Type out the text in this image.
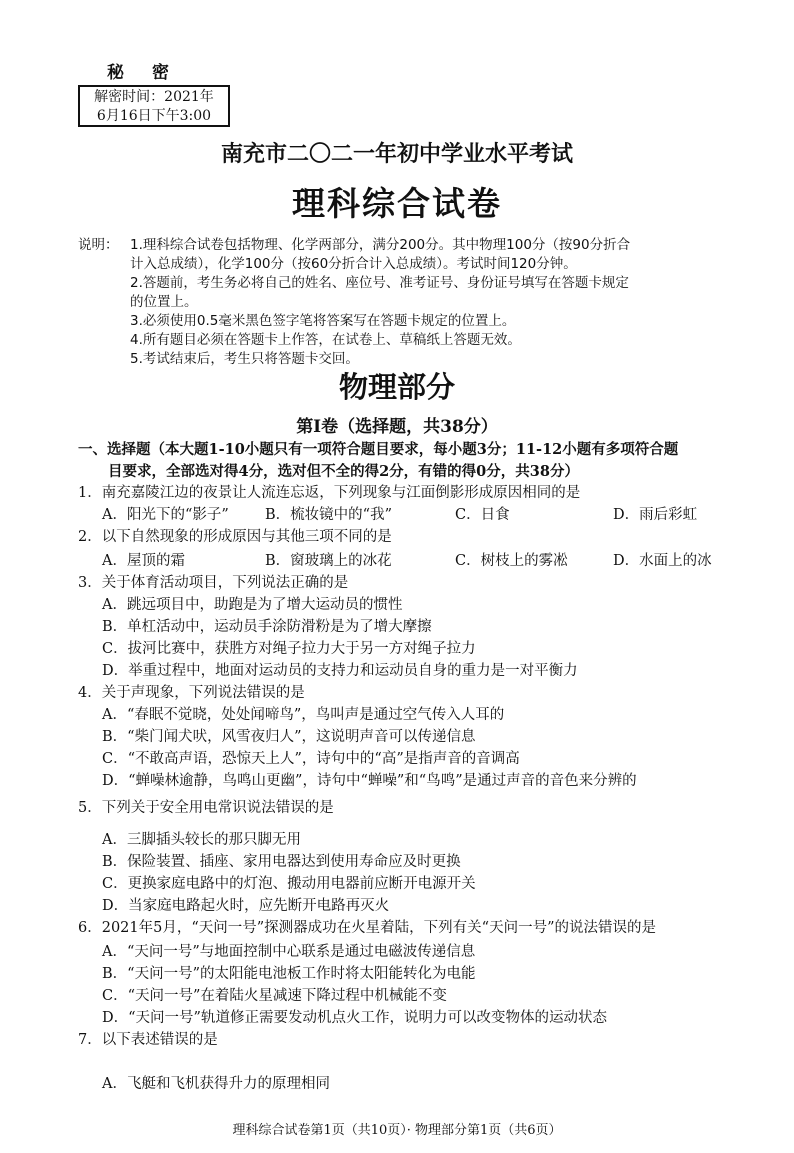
秘密
解密时间：2021年
6月16日下午3:00
南充市二〇二一年初中学业水平考试
理科综合试卷
说明： 1.理科综合试卷包括物理、化学两部分，满分200分。其中物理100分（按90分折合
计入总成绩），化学100分（按60分折合计入总成绩）。考试时间120分钟。
2.答题前，考生务必将自己的姓名、座位号、准考证号、身份证号填写在答题卡规定
的位置上。
3.必须使用0.5毫米黑色签字笔将答案写在答题卡规定的位置上。
4.所有题目必须在答题卡上作答，在试卷上、草稿纸上答题无效。
5.考试结束后，考生只将答题卡交回。
物理部分
第Ⅰ卷（选择题，共38分）
一、选择题（本大题1-10小题只有一项符合题目要求，每小题3分；11-12小题有多项符合题
目要求，全部选对得4分，选对但不全的得2分，有错的得0分，共38分）
1．南充嘉陵江边的夜景让人流连忘返，下列现象与江面倒影形成原因相同的是
A．阳光下的“影子” B．梳妆镜中的“我”	C．日食	D．雨后彩虹
2．以下自然现象的形成原因与其他三项不同的是
A．屋顶的霜	B．窗玻璃上的冰花	C．树枝上的雾凇	D．水面上的冰
3．关于体育活动项目，下列说法正确的是
A．跳远项目中，助跑是为了增大运动员的惯性
B．单杠活动中，运动员手涂防滑粉是为了增大摩擦
C．拔河比赛中，获胜方对绳子拉力大于另一方对绳子拉力
D．举重过程中，地面对运动员的支持力和运动员自身的重力是一对平衡力
4．关于声现象，下列说法错误的是
A．“春眠不觉晓，处处闻啼鸟”，鸟叫声是通过空气传入人耳的
B．“柴门闻犬吠，风雪夜归人”，这说明声音可以传递信息
C．“不敢高声语，恐惊天上人”，诗句中的“高”是指声音的音调高
D．“蝉噪林逾静，鸟鸣山更幽”，诗句中“蝉噪”和“鸟鸣”是通过声音的音色来分辨的
5．下列关于安全用电常识说法错误的是
A．三脚插头较长的那只脚无用
B．保险装置、插座、家用电器达到使用寿命应及时更换
C．更换家庭电路中的灯泡、搬动用电器前应断开电源开关
D．当家庭电路起火时，应先断开电路再灭火
6．2021年5月，“天问一号”探测器成功在火星着陆，下列有关“天问一号”的说法错误的是
A．“天问一号”与地面控制中心联系是通过电磁波传递信息
B．“天问一号”的太阳能电池板工作时将太阳能转化为电能
C．“天问一号”在着陆火星减速下降过程中机械能不变
D．“天问一号”轨道修正需要发动机点火工作，说明力可以改变物体的运动状态
7．以下表述错误的是
A．飞艇和飞机获得升力的原理相同
理科综合试卷第1页（共10页）· 物理部分第1页（共6页）
